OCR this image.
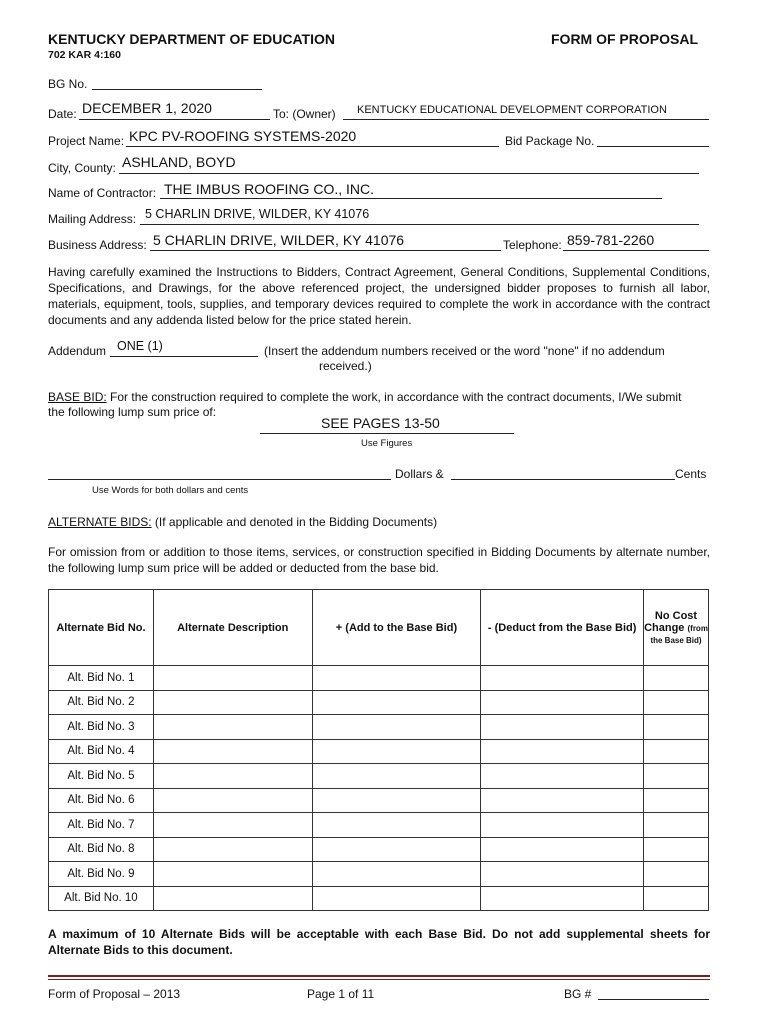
KENTUCKY DEPARTMENT OF EDUCATION	FORM OF PROPOSAL
702 KAR 4:160
BG No.
Date: DECEMBER 1, 2020	To: (Owner) KENTUCKY EDUCATIONAL DEVELOPMENT CORPORATION
Project Name: KPC PV-ROOFING SYSTEMS-2020	Bid Package No.
City, County: ASHLAND, BOYD
Name of Contractor: THE IMBUS ROOFING CO., INC.
Mailing Address: 5 CHARLIN DRIVE, WILDER, KY 41076
Business Address: 5 CHARLIN DRIVE, WILDER, KY 41076	Telephone: 859-781-2260
Having carefully examined the Instructions to Bidders, Contract Agreement, General Conditions, Supplemental Conditions, Specifications, and Drawings, for the above referenced project, the undersigned bidder proposes to furnish all labor, materials, equipment, tools, supplies, and temporary devices required to complete the work in accordance with the contract documents and any addenda listed below for the price stated herein.
Addendum ONE (1)	(Insert the addendum numbers received or the word "none" if no addendum
received.)
BASE BID: For the construction required to complete the work, in accordance with the contract documents, I/We submit
the following lump sum price of:
SEE PAGES 13-50
Use Figures
Dollars &	Cents
Use Words for both dollars and cents
ALTERNATE BIDS: (If applicable and denoted in the Bidding Documents)
For omission from or addition to those items, services, or construction specified in Bidding Documents by alternate number, the following lump sum price will be added or deducted from the base bid.
Alternate Bid No.	Alternate Description	+ (Add to the Base Bid)	- (Deduct from the Base Bid)	No Cost
Change (from
the Base Bid)
Alt. Bid No. 1				
Alt. Bid No. 2				
Alt. Bid No. 3				
Alt. Bid No. 4				
Alt. Bid No. 5				
Alt. Bid No. 6				
Alt. Bid No. 7				
Alt. Bid No. 8				
Alt. Bid No. 9				
Alt. Bid No. 10				
A maximum of 10 Alternate Bids will be acceptable with each Base Bid. Do not add supplemental sheets for Alternate Bids to this document.
Form of Proposal – 2013	Page 1 of 11	BG #
